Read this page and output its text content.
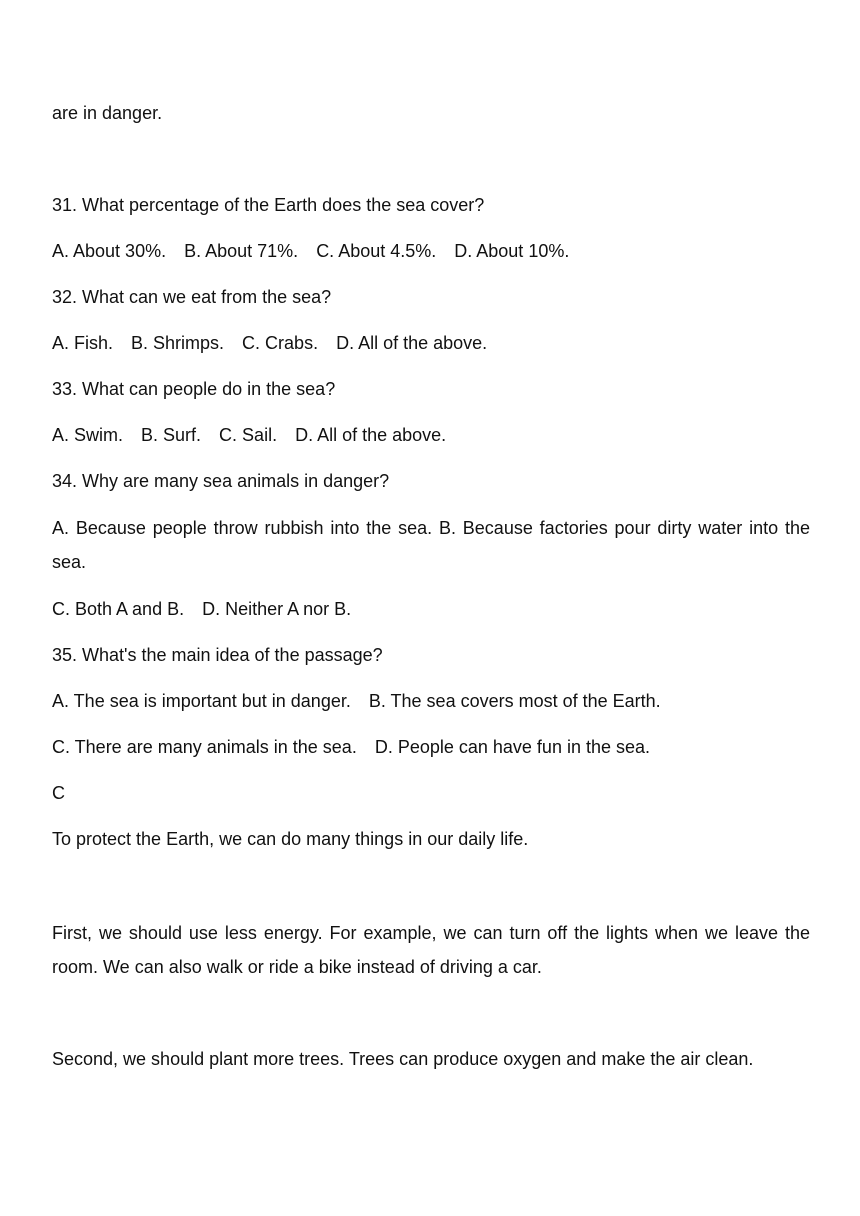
are in danger.
31. What percentage of the Earth does the sea cover?
A. About 30%. B. About 71%. C. About 4.5%. D. About 10%.
32. What can we eat from the sea?
A. Fish. B. Shrimps. C. Crabs. D. All of the above.
33. What can people do in the sea?
A. Swim. B. Surf. C. Sail. D. All of the above.
34. Why are many sea animals in danger?
A. Because people throw rubbish into the sea. B. Because factories pour dirty water into the sea.
C. Both A and B. D. Neither A nor B.
35. What's the main idea of the passage?
A. The sea is important but in danger. B. The sea covers most of the Earth.
C. There are many animals in the sea. D. People can have fun in the sea.
C
To protect the Earth, we can do many things in our daily life.
First, we should use less energy. For example, we can turn off the lights when we leave the room. We can also walk or ride a bike instead of driving a car.
Second, we should plant more trees. Trees can produce oxygen and make the air clean.
